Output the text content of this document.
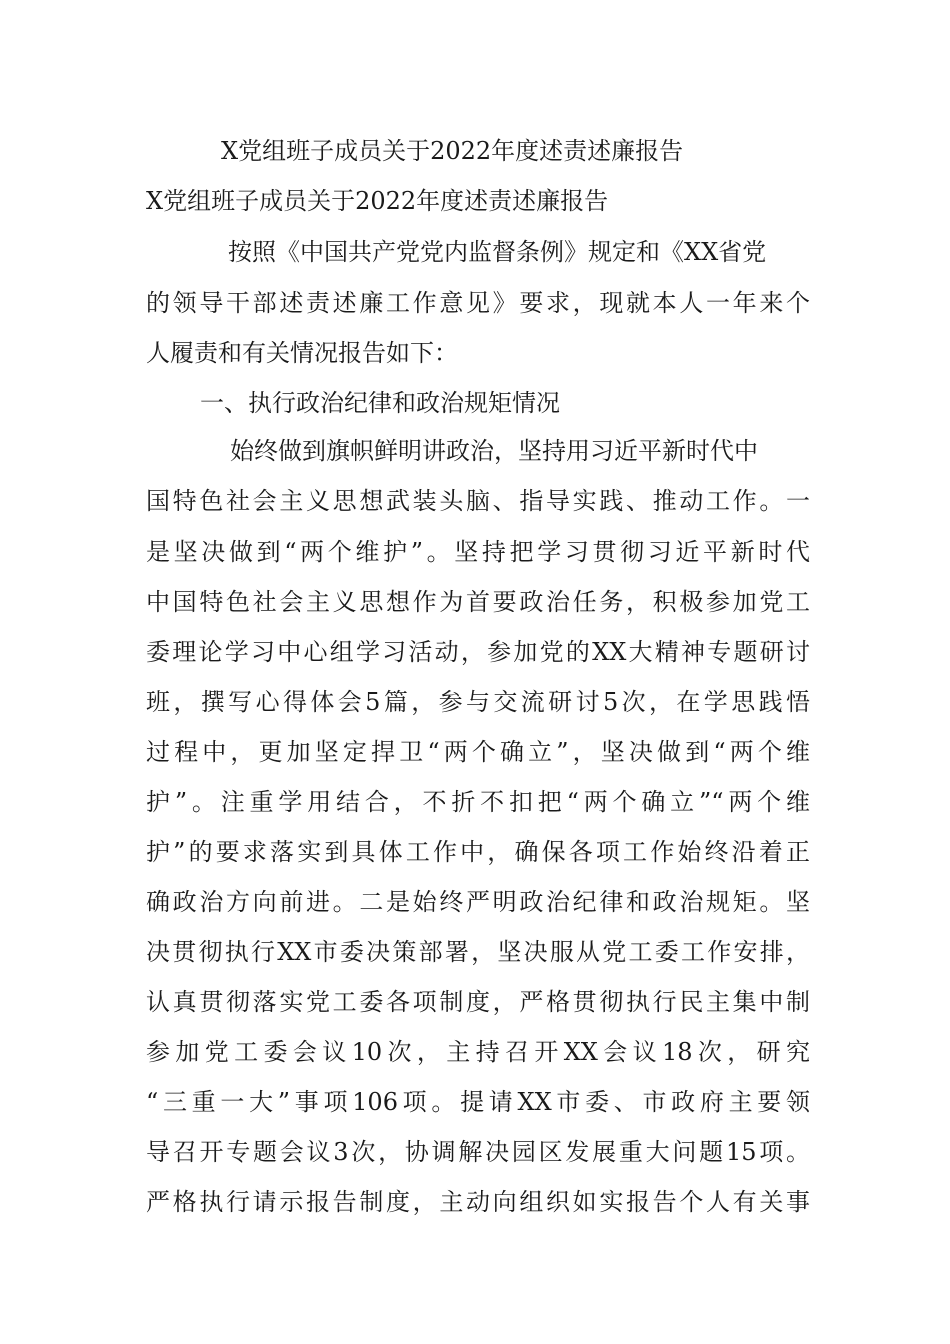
X党组班子成员关于2022年度述责述廉报告
X党组班子成员关于2022年度述责述廉报告
按照《中国共产党党内监督条例》规定和《XX省党
的领导干部述责述廉工作意见》要求，现就本人一年来个
人履责和有关情况报告如下：
一、执行政治纪律和政治规矩情况
始终做到旗帜鲜明讲政治，坚持用习近平新时代中
国特色社会主义思想武装头脑、指导实践、推动工作。一
是坚决做到“两个维护”。坚持把学习贯彻习近平新时代
中国特色社会主义思想作为首要政治任务，积极参加党工
委理论学习中心组学习活动，参加党的XX大精神专题研讨
班，撰写心得体会5篇，参与交流研讨5次，在学思践悟
过程中，更加坚定捍卫“两个确立”，坚决做到“两个维
护”。注重学用结合，不折不扣把“两个确立”“两个维
护”的要求落实到具体工作中，确保各项工作始终沿着正
确政治方向前进。二是始终严明政治纪律和政治规矩。坚
决贯彻执行XX市委决策部署，坚决服从党工委工作安排，
认真贯彻落实党工委各项制度，严格贯彻执行民主集中制
参加党工委会议10次，主持召开XX会议18次，研究
“三重一大”事项106项。提请XX市委、市政府主要领
导召开专题会议3次，协调解决园区发展重大问题15项。
严格执行请示报告制度，主动向组织如实报告个人有关事
